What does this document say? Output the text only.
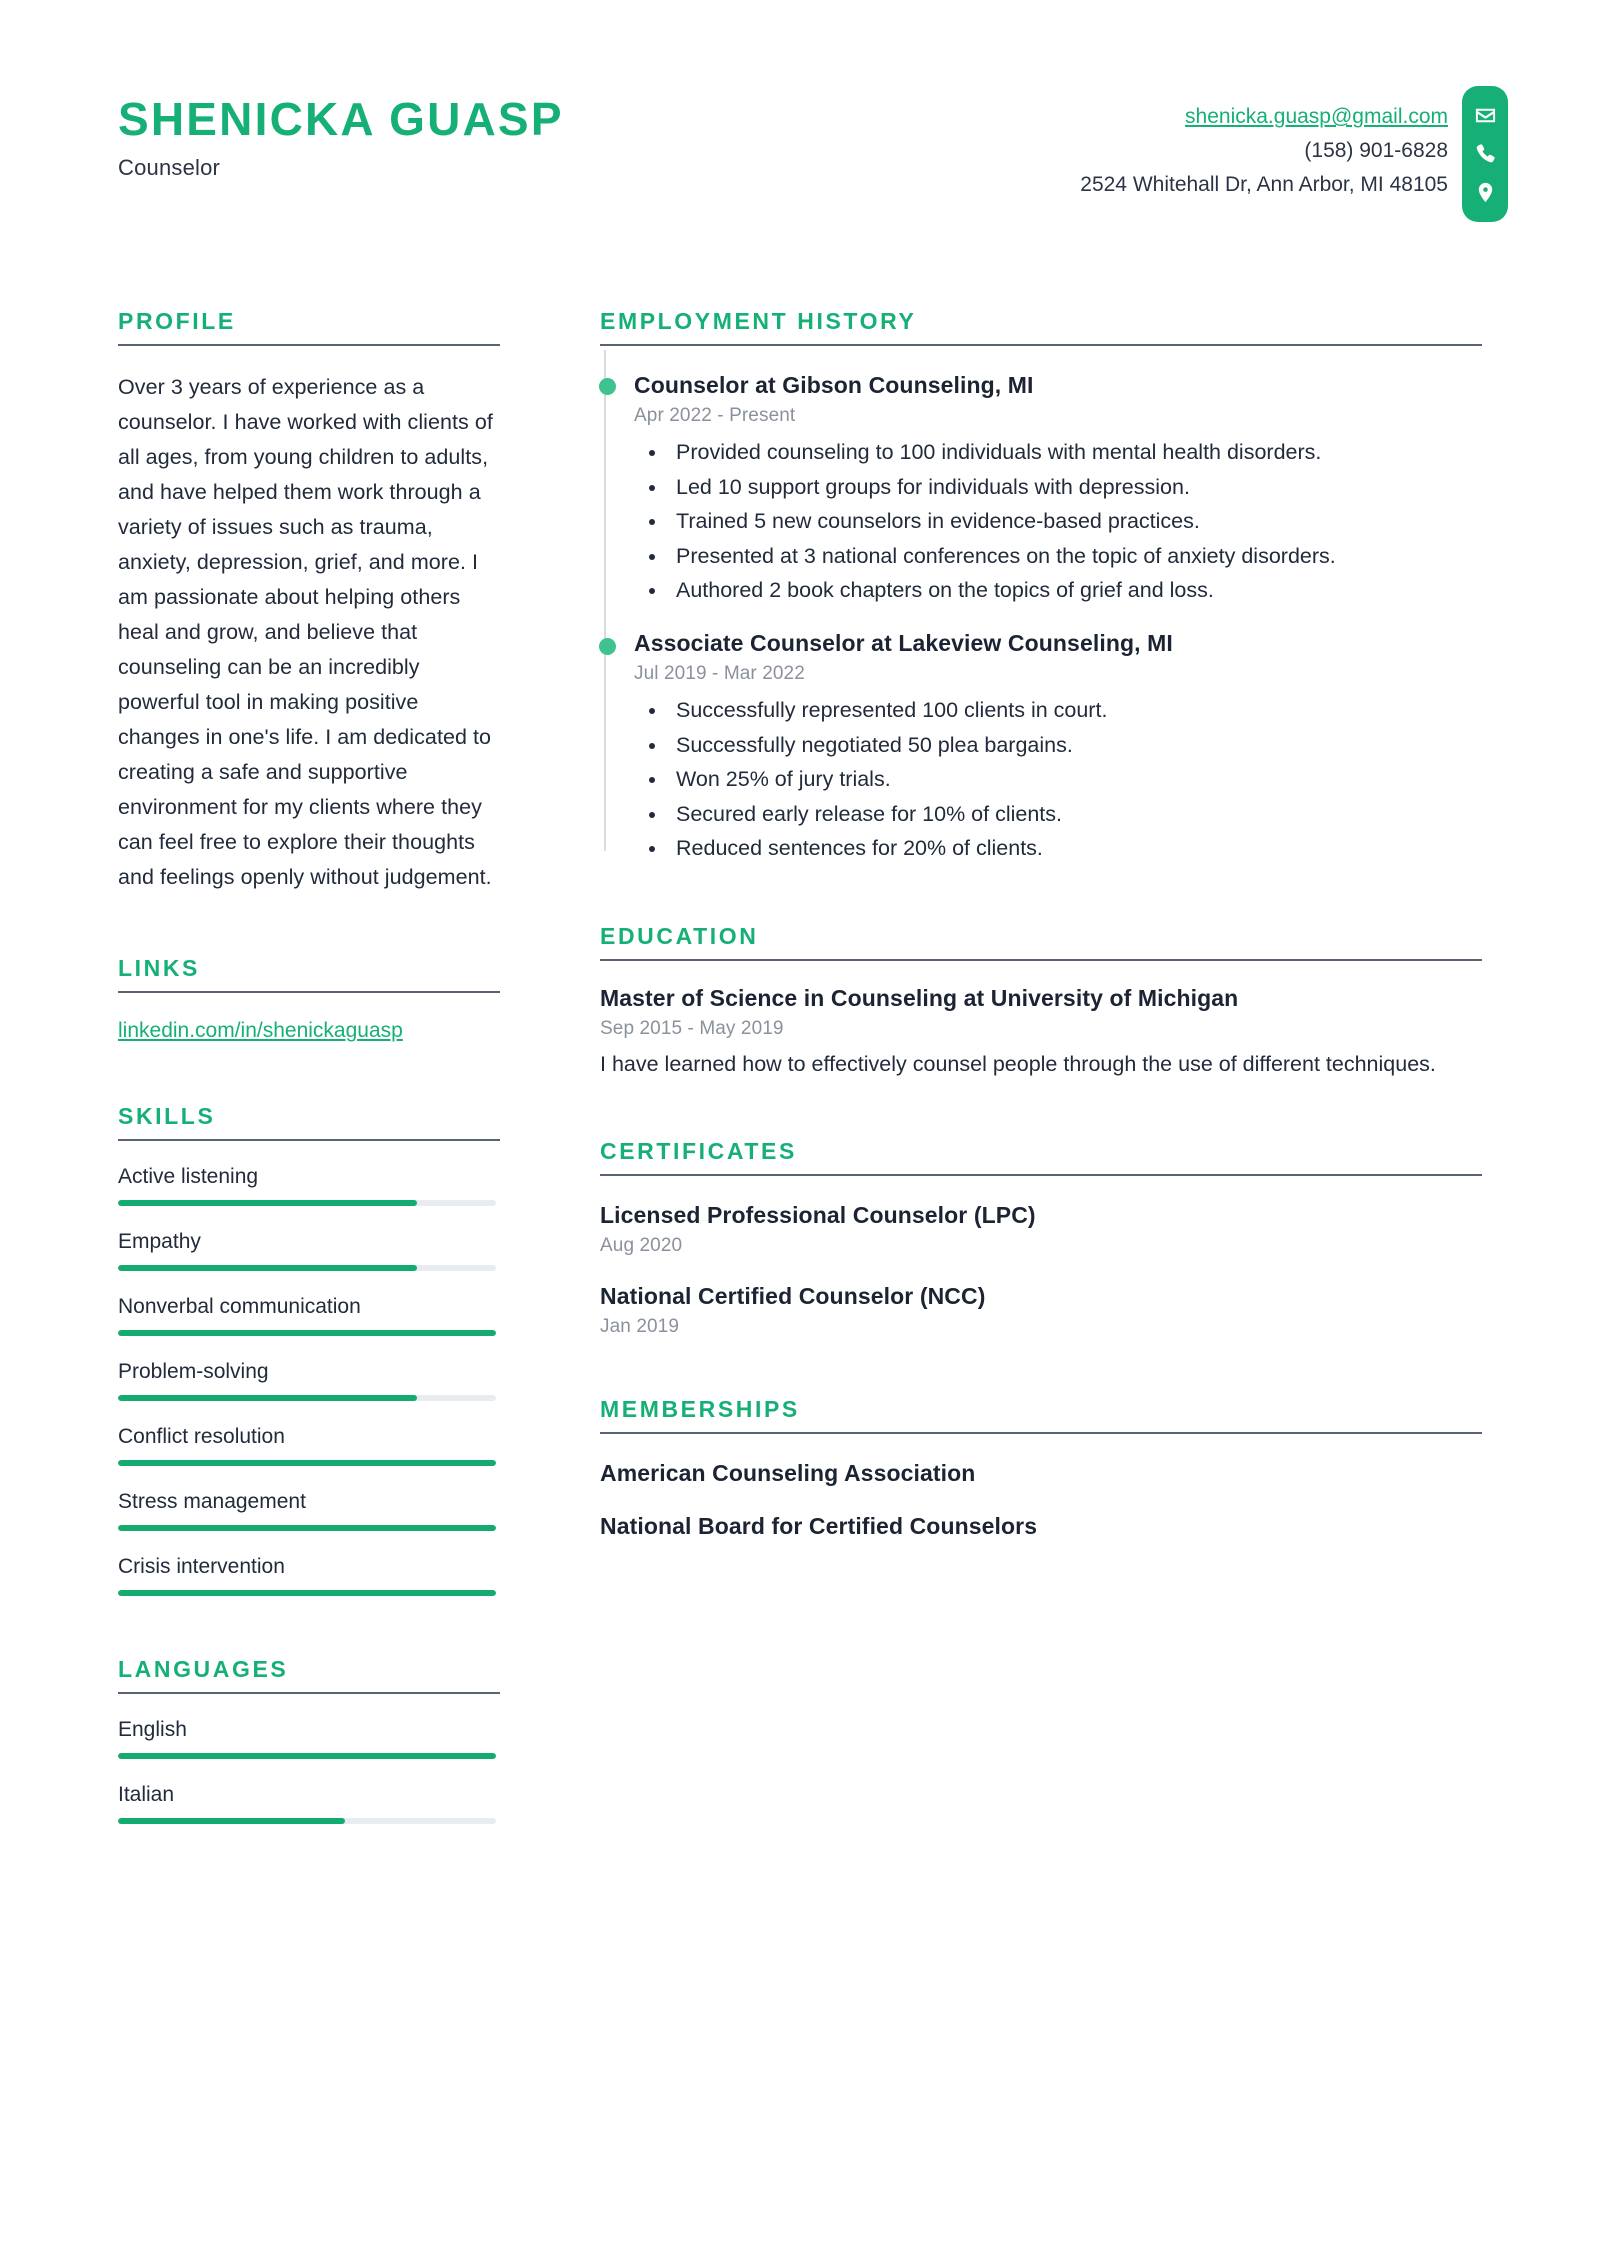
SHENICKA GUASP
Counselor
shenicka.guasp@gmail.com
(158) 901-6828
2524 Whitehall Dr, Ann Arbor, MI 48105
PROFILE

Over 3 years of experience as a counselor. I have worked with clients of all ages, from young children to adults, and have helped them work through a variety of issues such as trauma, anxiety, depression, grief, and more. I am passionate about helping others heal and grow, and believe that counseling can be an incredibly powerful tool in making positive changes in one's life. I am dedicated to creating a safe and supportive environment for my clients where they can feel free to explore their thoughts and feelings openly without judgement.

LINKS
linkedin.com/in/shenickaguasp
SKILLS
Active listening
Empathy
Nonverbal communication
Problem-solving
Conflict resolution
Stress management
Crisis intervention
LANGUAGES
English
Italian
EMPLOYMENT HISTORY
Counselor at Gibson Counseling, MI
Apr 2022 - Present
• Provided counseling to 100 individuals with mental health disorders.
• Led 10 support groups for individuals with depression.
• Trained 5 new counselors in evidence-based practices.
• Presented at 3 national conferences on the topic of anxiety disorders.
• Authored 2 book chapters on the topics of grief and loss.
Associate Counselor at Lakeview Counseling, MI
Jul 2019 - Mar 2022
• Successfully represented 100 clients in court.
• Successfully negotiated 50 plea bargains.
• Won 25% of jury trials.
• Secured early release for 10% of clients.
• Reduced sentences for 20% of clients.
EDUCATION
Master of Science in Counseling at University of Michigan
Sep 2015 - May 2019
I have learned how to effectively counsel people through the use of different techniques.
CERTIFICATES
Licensed Professional Counselor (LPC)
Aug 2020
National Certified Counselor (NCC)
Jan 2019
MEMBERSHIPS
American Counseling Association
National Board for Certified Counselors
